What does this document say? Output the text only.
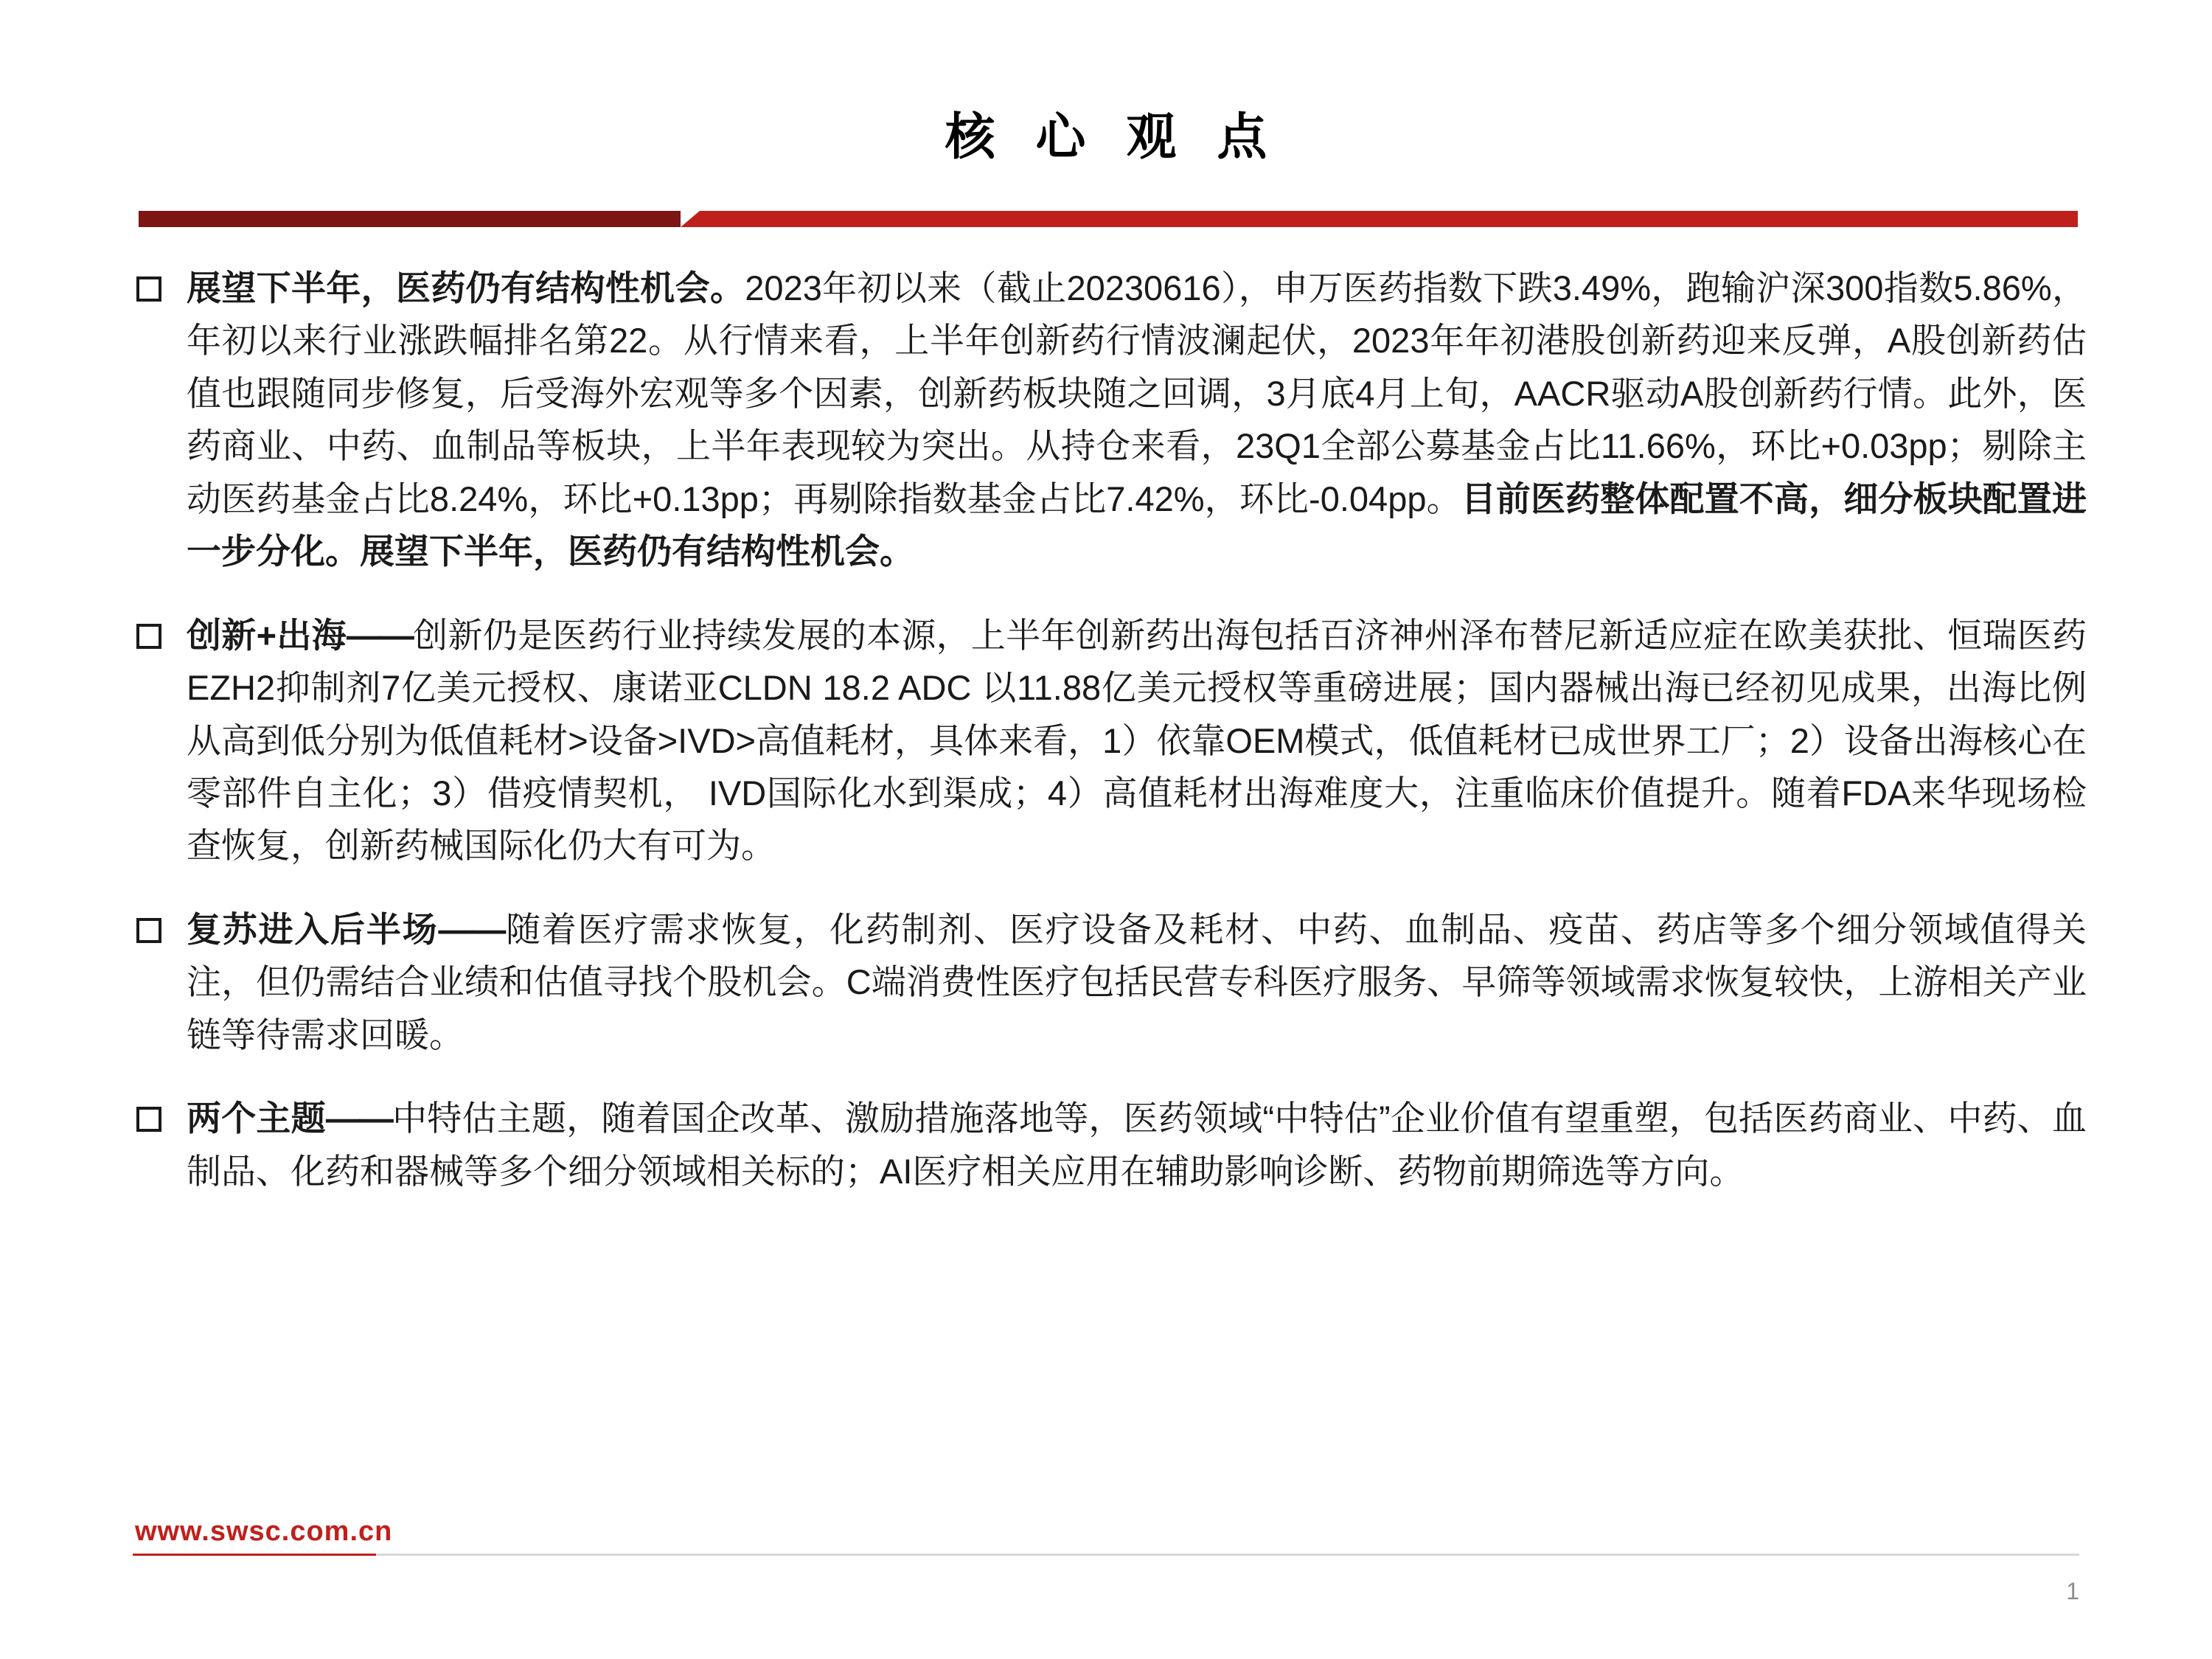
核 心 观 点
展望下半年，医药仍有结构性机会。2023年初以来（截止20230616），申万医药指数下跌3.49%，跑输沪深300指数5.86%，年初以来行业涨跌幅排名第22。从行情来看，上半年创新药行情波澜起伏，2023年年初港股创新药迎来反弹，A股创新药估值也跟随同步修复，后受海外宏观等多个因素，创新药板块随之回调，3月底4月上旬，AACR驱动A股创新药行情。此外，医药商业、中药、血制品等板块，上半年表现较为突出。从持仓来看，23Q1全部公募基金占比11.66%，环比+0.03pp；剔除主动医药基金占比8.24%，环比+0.13pp；再剔除指数基金占比7.42%，环比-0.04pp。目前医药整体配置不高，细分板块配置进一步分化。展望下半年，医药仍有结构性机会。
创新+出海——创新仍是医药行业持续发展的本源，上半年创新药出海包括百济神州泽布替尼新适应症在欧美获批、恒瑞医药EZH2抑制剂7亿美元授权、康诺亚CLDN 18.2 ADC 以11.88亿美元授权等重磅进展；国内器械出海已经初见成果，出海比例从高到低分别为低值耗材>设备>IVD>高值耗材，具体来看，1）依靠OEM模式，低值耗材已成世界工厂；2）设备出海核心在零部件自主化；3）借疫情契机， IVD国际化水到渠成；4）高值耗材出海难度大，注重临床价值提升。随着FDA来华现场检查恢复，创新药械国际化仍大有可为。
复苏进入后半场——随着医疗需求恢复，化药制剂、医疗设备及耗材、中药、血制品、疫苗、药店等多个细分领域值得关注，但仍需结合业绩和估值寻找个股机会。C端消费性医疗包括民营专科医疗服务、早筛等领域需求恢复较快，上游相关产业链等待需求回暖。
两个主题——中特估主题，随着国企改革、激励措施落地等，医药领域“中特估”企业价值有望重塑，包括医药商业、中药、血制品、化药和器械等多个细分领域相关标的；AI医疗相关应用在辅助影响诊断、药物前期筛选等方向。
www.swsc.com.cn
1
